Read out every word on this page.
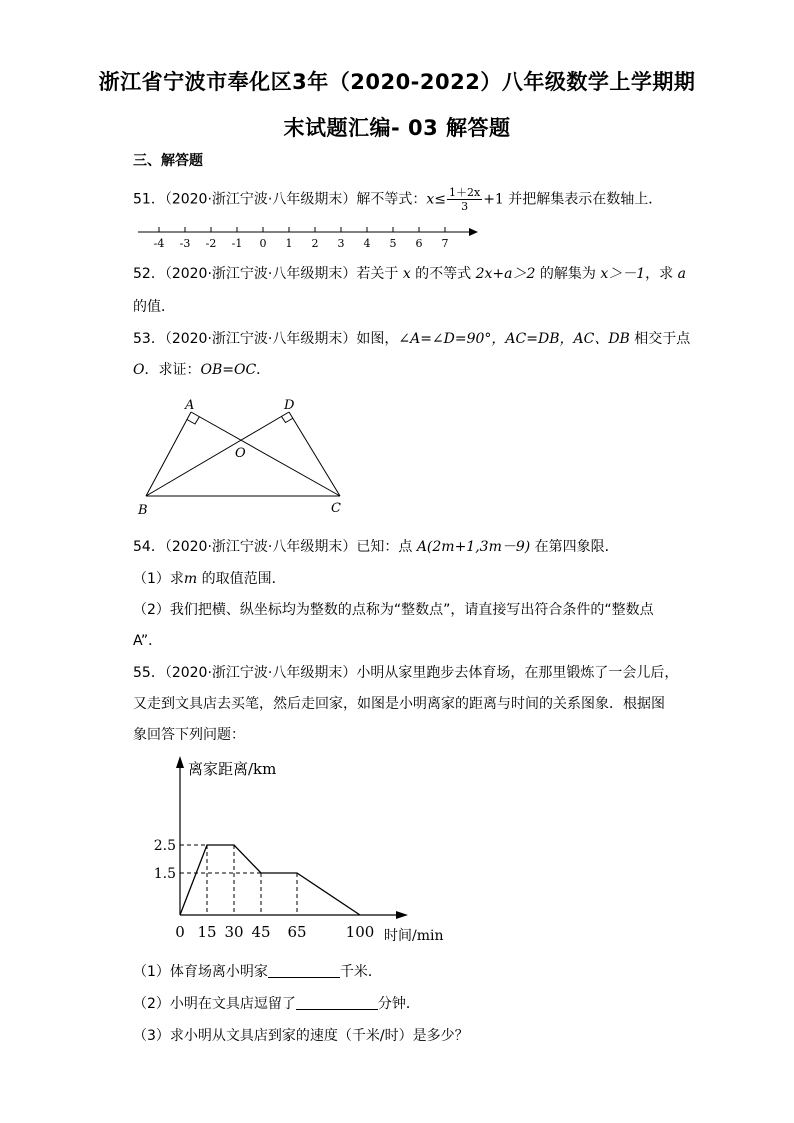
浙江省宁波市奉化区3年（2020-2022）八年级数学上学期期
末试题汇编- 03 解答题
三、解答题
51．（2020·浙江宁波·八年级期末）解不等式：$x\le \frac{1+2x}{3} +1$ 并把解集表示在数轴上．
-4 -3 -2 -1 0 1 2 3 4 5 6 7
52．（2020·浙江宁波·八年级期末）若关于 x 的不等式 2x+a＞2 的解集为 x＞－1，求 a
的值．
53．（2020·浙江宁波·八年级期末）如图，∠A=∠D=90°，AC=DB，AC、DB 相交于点
O．求证：OB=OC．
A	D
O
B	C
54．（2020·浙江宁波·八年级期末）已知：点 A(2m+1,3m－9) 在第四象限．
（1）求m 的取值范围．
（2）我们把横、纵坐标均为整数的点称为“整数点”，请直接写出符合条件的“整数点
A”．
55．（2020·浙江宁波·八年级期末）小明从家里跑步去体育场，在那里锻炼了一会儿后，
又走到文具店去买笔，然后走回家，如图是小明离家的距离与时间的关系图象．根据图
象回答下列问题：
2.5
1.5
0 15 30 45 65	100 时间/min
离家距离/km
（1）体育场离小明家	千米．
（2）小明在文具店逗留了	分钟．
（3）求小明从文具店到家的速度（千米/时）是多少？
